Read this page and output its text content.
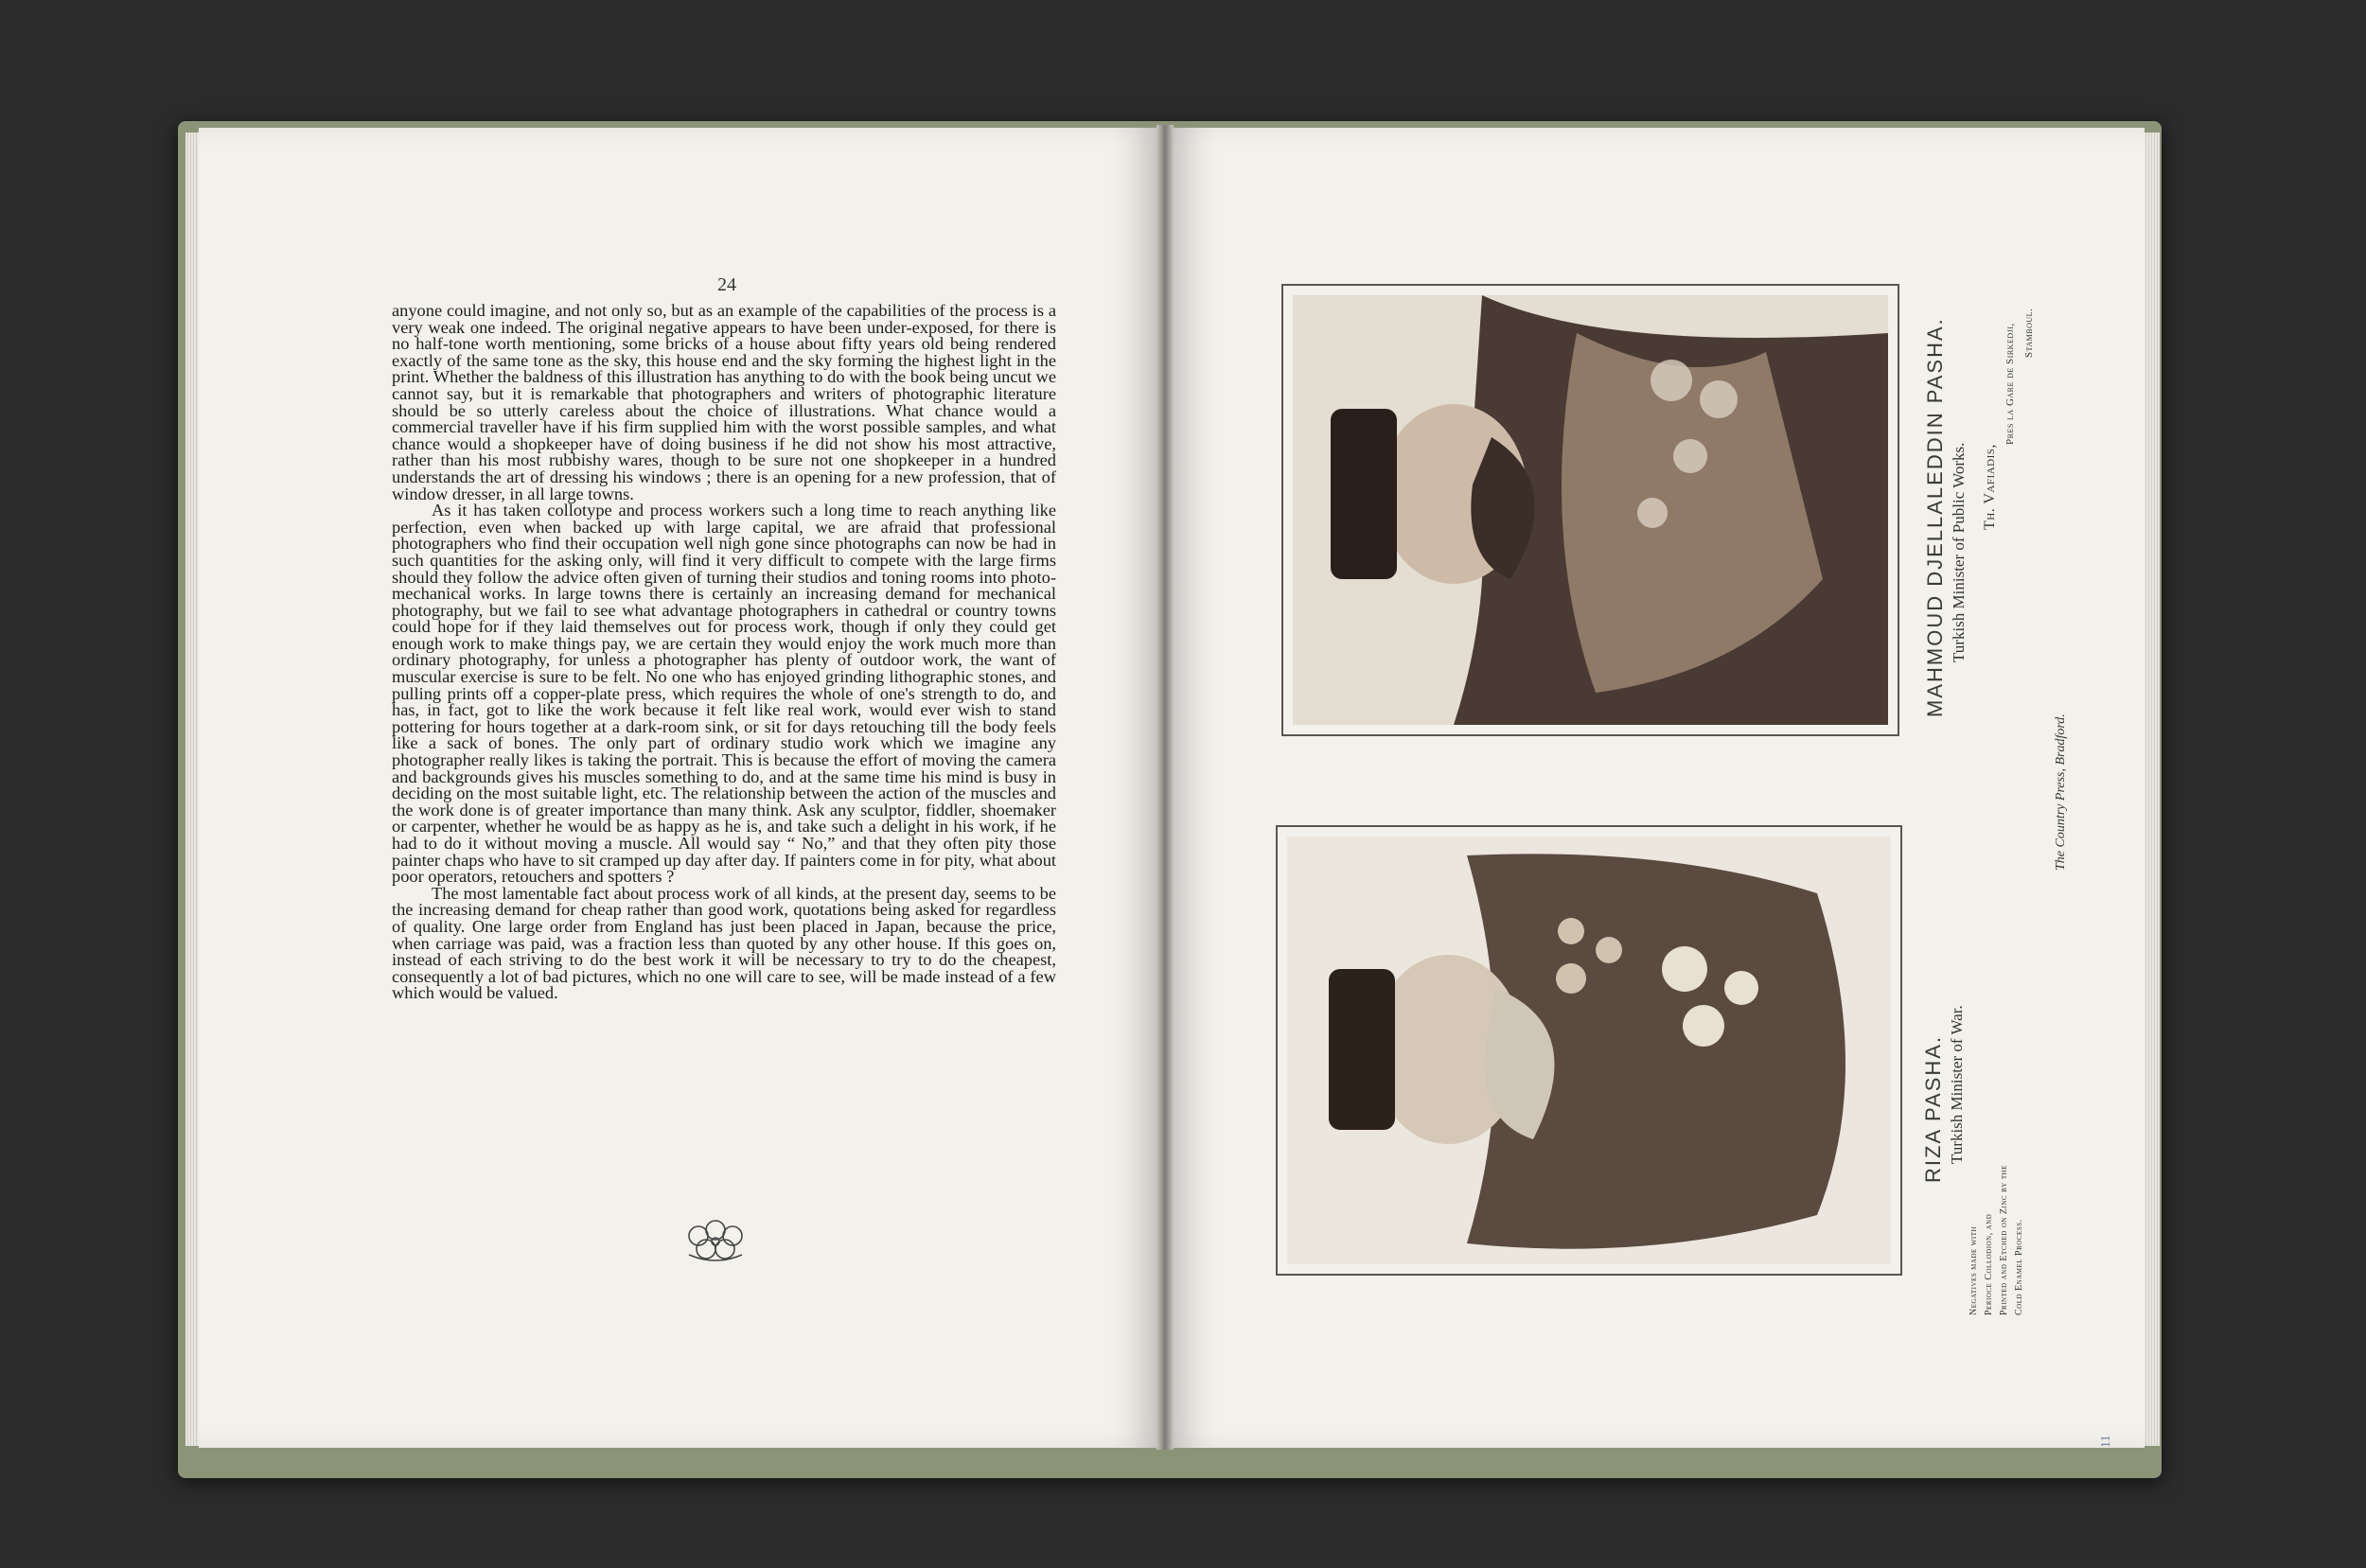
24

anyone could imagine, and not only so, but as an example of the capabilities of the process is a very weak one indeed. The original negative appears to have been under-exposed, for there is no half-tone worth mentioning, some bricks of a house about fifty years old being rendered exactly of the same tone as the sky, this house end and the sky forming the highest light in the print. Whether the baldness of this illustration has anything to do with the book being uncut we cannot say, but it is remarkable that photographers and writers of photographic literature should be so utterly careless about the choice of illustrations. What chance would a commercial traveller have if his firm supplied him with the worst possible samples, and what chance would a shopkeeper have of doing business if he did not show his most attractive, rather than his most rubbishy wares, though to be sure not one shopkeeper in a hundred understands the art of dressing his windows ; there is an opening for a new profession, that of window dresser, in all large towns.

As it has taken collotype and process workers such a long time to reach anything like perfection, even when backed up with large capital, we are afraid that professional photographers who find their occupation well nigh gone since photographs can now be had in such quantities for the asking only, will find it very difficult to compete with the large firms should they follow the advice often given of turning their studios and toning rooms into photo-mechanical works. In large towns there is certainly an increasing demand for mechanical photography, but we fail to see what advantage photographers in cathedral or country towns could hope for if they laid themselves out for process work, though if only they could get enough work to make things pay, we are certain they would enjoy the work much more than ordinary photography, for unless a photographer has plenty of outdoor work, the want of muscular exercise is sure to be felt. No one who has enjoyed grinding lithographic stones, and pulling prints off a copper-plate press, which requires the whole of one's strength to do, and has, in fact, got to like the work because it felt like real work, would ever wish to stand pottering for hours together at a dark-room sink, or sit for days retouching till the body feels like a sack of bones. The only part of ordinary studio work which we imagine any photographer really likes is taking the portrait. This is because the effort of moving the camera and backgrounds gives his muscles something to do, and at the same time his mind is busy in deciding on the most suitable light, etc. The relationship between the action of the muscles and the work done is of greater importance than many think. Ask any sculptor, fiddler, shoemaker or carpenter, whether he would be as happy as he is, and take such a delight in his work, if he had to do it without moving a muscle. All would say “ No,” and that they often pity those painter chaps who have to sit cramped up day after day. If painters come in for pity, what about poor operators, retouchers and spotters ?

The most lamentable fact about process work of all kinds, at the present day, seems to be the increasing demand for cheap rather than good work, quotations being asked for regardless of quality. One large order from England has just been placed in Japan, because the price, when carriage was paid, was a fraction less than quoted by any other house. If this goes on, instead of each striving to do the best work it will be necessary to try to do the cheapest, consequently a lot of bad pictures, which no one will care to see, will be made instead of a few which would be valued.

MAHMOUD DJELLALEDDIN PASHA. Turkish Minister of Public Works. Th. Vafiadis,
Pres la Gare de Sirkedji, Stamboul.
RIZA PASHA. Turkish Minister of War.
Negatives made with Perioce Collodion, and Printed and Etched on Zinc by the Cold Enamel Process.
The Country Press, Bradford.
11
